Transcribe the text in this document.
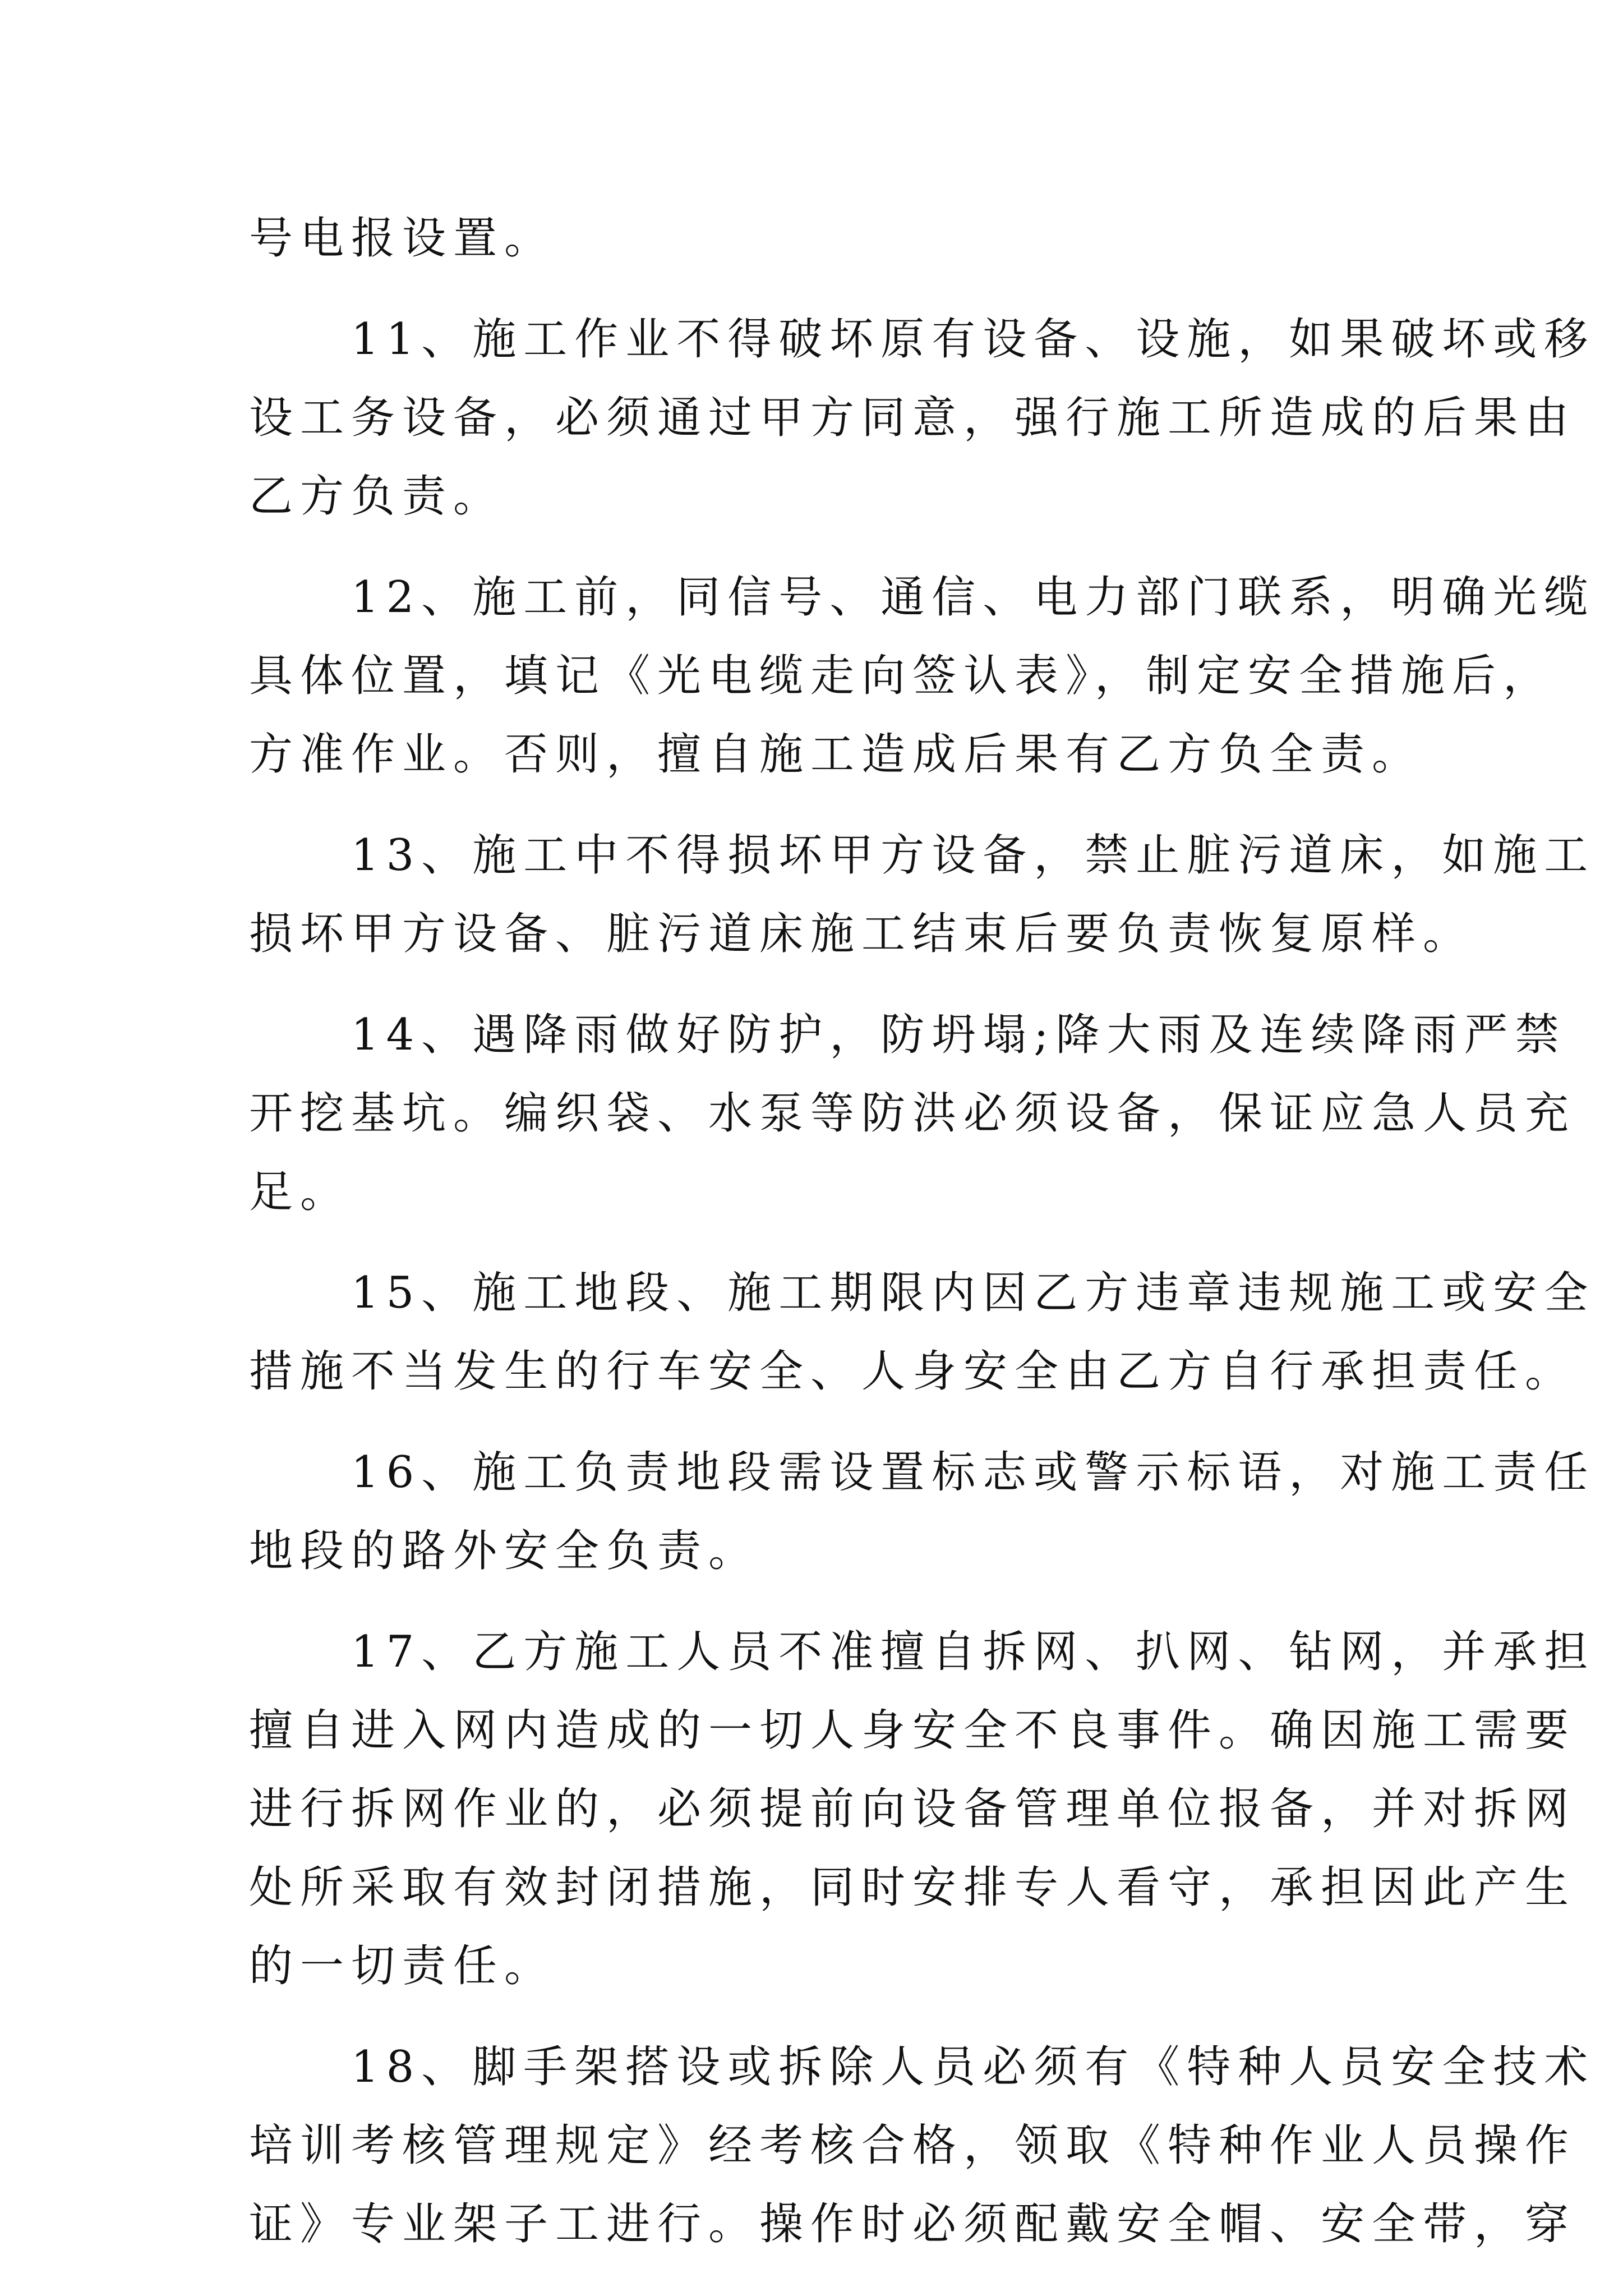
号电报设置。
11、施工作业不得破坏原有设备、设施，如果破坏或移
设工务设备，必须通过甲方同意，强行施工所造成的后果由
乙方负责。
12、施工前，同信号、通信、电力部门联系，明确光缆
具体位置，填记《光电缆走向签认表》，制定安全措施后，
方准作业。否则，擅自施工造成后果有乙方负全责。
13、施工中不得损坏甲方设备，禁止脏污道床，如施工
损坏甲方设备、脏污道床施工结束后要负责恢复原样。
14、遇降雨做好防护，防坍塌;降大雨及连续降雨严禁
开挖基坑。编织袋、水泵等防洪必须设备，保证应急人员充
足。
15、施工地段、施工期限内因乙方违章违规施工或安全
措施不当发生的行车安全、人身安全由乙方自行承担责任。
16、施工负责地段需设置标志或警示标语，对施工责任
地段的路外安全负责。
17、乙方施工人员不准擅自拆网、扒网、钻网，并承担
擅自进入网内造成的一切人身安全不良事件。确因施工需要
进行拆网作业的，必须提前向设备管理单位报备，并对拆网
处所采取有效封闭措施，同时安排专人看守，承担因此产生
的一切责任。
18、脚手架搭设或拆除人员必须有《特种人员安全技术
培训考核管理规定》经考核合格，领取《特种作业人员操作
证》专业架子工进行。操作时必须配戴安全帽、安全带，穿
